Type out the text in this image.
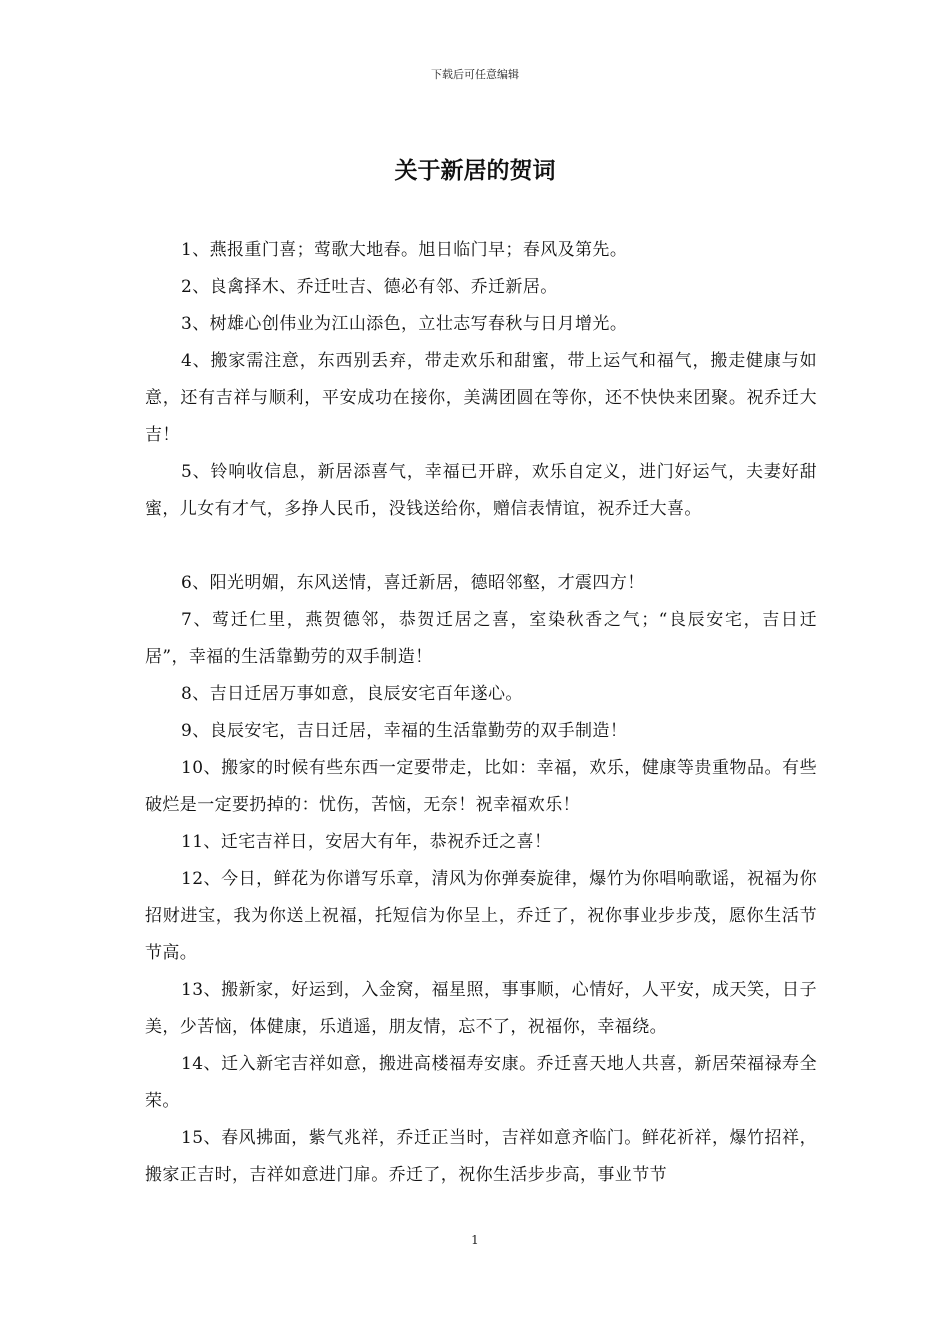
下载后可任意编辑
关于新居的贺词

1、燕报重门喜；莺歌大地春。旭日临门早；春风及第先。

2、良禽择木、乔迁吐吉、德必有邻、乔迁新居。

3、树雄心创伟业为江山添色，立壮志写春秋与日月增光。

4、搬家需注意，东西别丢弃，带走欢乐和甜蜜，带上运气和福气，搬走健康与如意，还有吉祥与顺利，平安成功在接你，美满团圆在等你，还不快快来团聚。祝乔迁大吉！

5、铃响收信息，新居添喜气，幸福已开辟，欢乐自定义，进门好运气，夫妻好甜蜜，儿女有才气，多挣人民币，没钱送给你，赠信表情谊，祝乔迁大喜。

6、阳光明媚，东风送情，喜迁新居，德昭邻壑，才震四方！

7、莺迁仁里，燕贺德邻，恭贺迁居之喜，室染秋香之气；“良辰安宅，吉日迁居”，幸福的生活靠勤劳的双手制造！

8、吉日迁居万事如意，良辰安宅百年遂心。

9、良辰安宅，吉日迁居，幸福的生活靠勤劳的双手制造！

10、搬家的时候有些东西一定要带走，比如：幸福，欢乐，健康等贵重物品。有些破烂是一定要扔掉的：忧伤，苦恼，无奈！祝幸福欢乐！

11、迁宅吉祥日，安居大有年，恭祝乔迁之喜！

12、今日，鲜花为你谱写乐章，清风为你弹奏旋律，爆竹为你唱响歌谣，祝福为你招财进宝，我为你送上祝福，托短信为你呈上，乔迁了，祝你事业步步茂，愿你生活节节高。

13、搬新家，好运到，入金窝，福星照，事事顺，心情好，人平安，成天笑，日子美，少苦恼，体健康，乐逍遥，朋友情，忘不了，祝福你，幸福绕。

14、迁入新宅吉祥如意，搬进高楼福寿安康。乔迁喜天地人共喜，新居荣福禄寿全荣。

15、春风拂面，紫气兆祥，乔迁正当时，吉祥如意齐临门。鲜花祈祥，爆竹招祥，搬家正吉时，吉祥如意进门扉。乔迁了，祝你生活步步高，事业节节

1
